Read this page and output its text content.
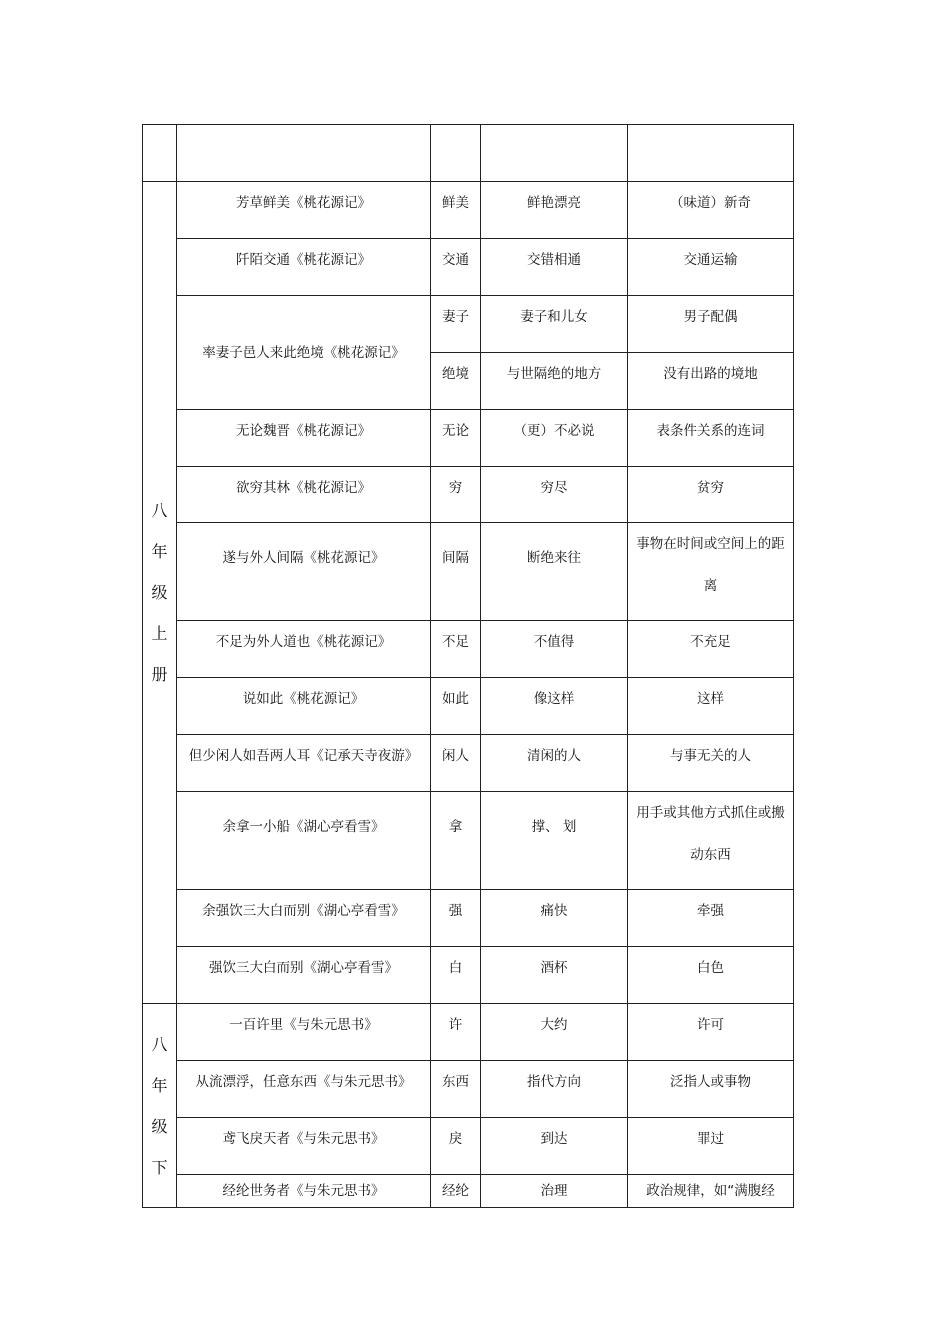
八
年
级
上
册	芳草鲜美《桃花源记》	鲜美	鲜艳漂亮	（味道）新奇
	阡陌交通《桃花源记》	交通	交错相通	交通运输
	率妻子邑人来此绝境《桃花源记》	妻子	妻子和儿女	男子配偶
		绝境	与世隔绝的地方	没有出路的境地
	无论魏晋《桃花源记》	无论	（更）不必说	表条件关系的连词
	欲穷其林《桃花源记》	穷	穷尽	贫穷
	遂与外人间隔《桃花源记》	间隔	断绝来往	事物在时间或空间上的距
离

	不足为外人道也《桃花源记》	不足	不值得	不充足
	说如此《桃花源记》	如此	像这样	这样
	但少闲人如吾两人耳《记承天寺夜游》	闲人	清闲的人	与事无关的人
	余拿一小船《湖心亭看雪》	拿	撑、 划	用手或其他方式抓住或搬
动东西

	余强饮三大白而别《湖心亭看雪》	强	痛快	牵强
	强饮三大白而别《湖心亭看雪》	白	酒杯	白色

八
年
级
下	一百许里《与朱元思书》	许	大约	许可
	从流漂浮，任意东西《与朱元思书》	东西	指代方向	泛指人或事物
	鸢飞戾天者《与朱元思书》	戾	到达	罪过
	经纶世务者《与朱元思书》	经纶	治理	政治规律，如“满腹经
